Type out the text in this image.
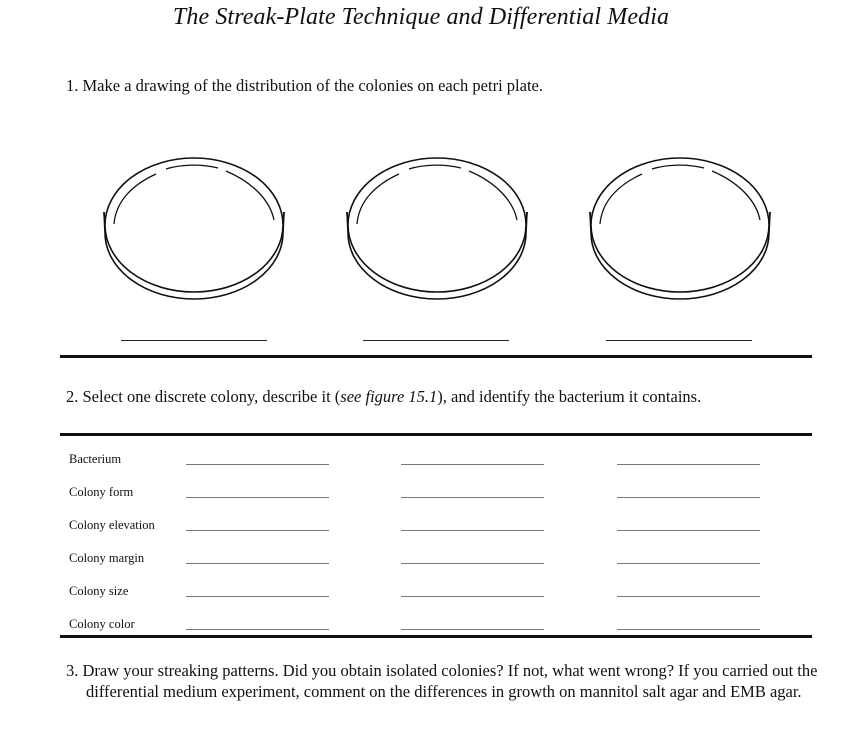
The Streak-Plate Technique and Differential Media
1. Make a drawing of the distribution of the colonies on each petri plate.
2. Select one discrete colony, describe it (see figure 15.1), and identify the bacterium it contains.
Bacterium
Colony form
Colony elevation
Colony margin
Colony size
Colony color
3. Draw your streaking patterns. Did you obtain isolated colonies? If not, what went wrong? If you carried out the differential medium experiment, comment on the differences in growth on mannitol salt agar and EMB agar.
